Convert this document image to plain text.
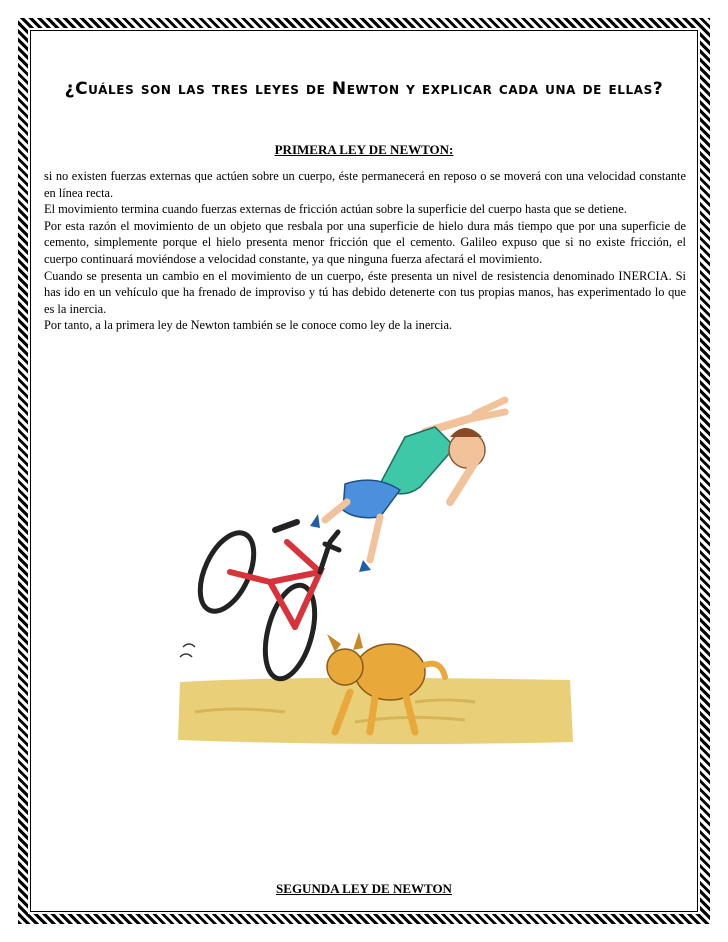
¿Cuáles son las tres leyes de Newton y explicar cada una de ellas?
PRIMERA LEY DE NEWTON:

si no existen fuerzas externas que actúen sobre un cuerpo, éste permanecerá en reposo o se moverá con una velocidad constante en línea recta.

El movimiento termina cuando fuerzas externas de fricción actúan sobre la superficie del cuerpo hasta que se detiene.

Por esta razón el movimiento de un objeto que resbala por una superficie de hielo dura más tiempo que por una superficie de cemento, simplemente porque el hielo presenta menor fricción que el cemento. Galileo expuso que si no existe fricción, el cuerpo continuará moviéndose a velocidad constante, ya que ninguna fuerza afectará el movimiento.

Cuando se presenta un cambio en el movimiento de un cuerpo, éste presenta un nivel de resistencia denominado INERCIA. Si has ido en un vehículo que ha frenado de improviso y tú has debido detenerte con tus propias manos, has experimentado lo que es la inercia.

Por tanto, a la primera ley de Newton también se le conoce como ley de la inercia.

SEGUNDA LEY DE NEWTON
